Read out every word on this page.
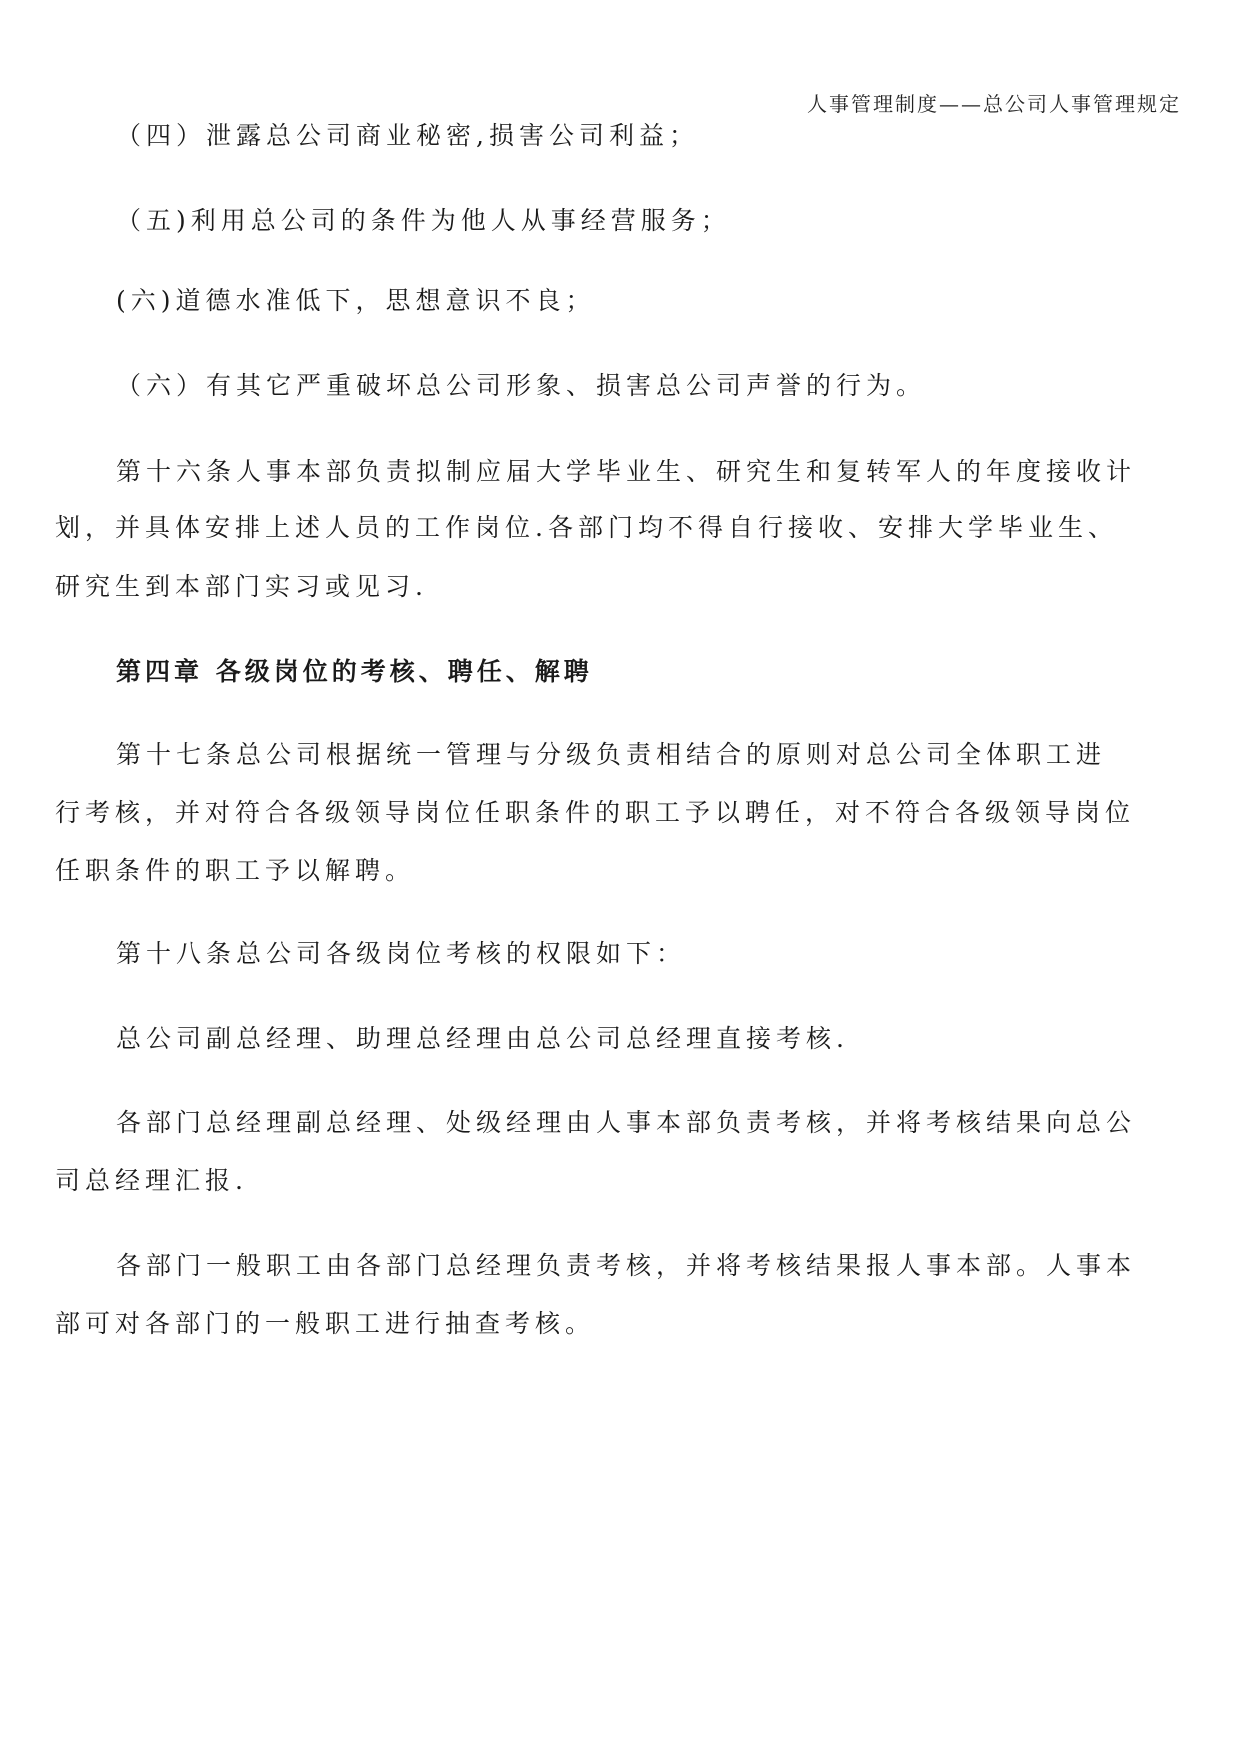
人事管理制度——总公司人事管理规定
（四）泄露总公司商业秘密,损害公司利益；
（五)利用总公司的条件为他人从事经营服务；
(六)道德水准低下，思想意识不良；
（六）有其它严重破坏总公司形象、损害总公司声誉的行为。
第十六条人事本部负责拟制应届大学毕业生、研究生和复转军人的年度接收计
划，并具体安排上述人员的工作岗位.各部门均不得自行接收、安排大学毕业生、
研究生到本部门实习或见习.
第四章 各级岗位的考核、聘任、解聘
第十七条总公司根据统一管理与分级负责相结合的原则对总公司全体职工进
行考核，并对符合各级领导岗位任职条件的职工予以聘任，对不符合各级领导岗位
任职条件的职工予以解聘。
第十八条总公司各级岗位考核的权限如下：
总公司副总经理、助理总经理由总公司总经理直接考核.
各部门总经理副总经理、处级经理由人事本部负责考核，并将考核结果向总公
司总经理汇报.
各部门一般职工由各部门总经理负责考核，并将考核结果报人事本部。人事本
部可对各部门的一般职工进行抽查考核。
